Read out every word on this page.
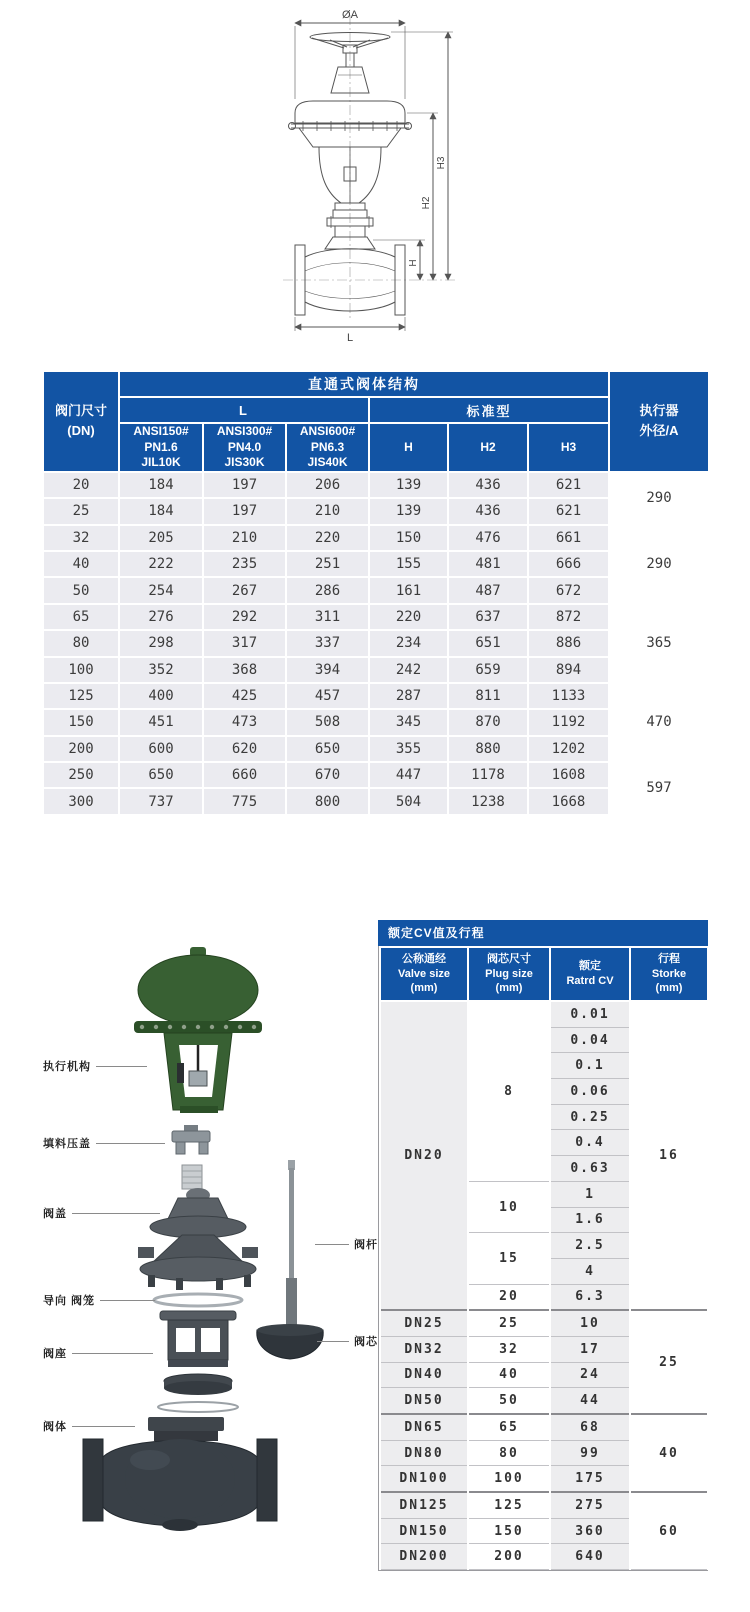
ØA
H3
H2
H
L
阀门尺寸
(DN)
	直通式阀体结构	
执行器
外径/A

	L			标准型			

ANSI150#
PN1.6
JIL10K

ANSI300#
PN4.0
JIS30K

ANSI600#
PN6.3
JIS40K
	H	H2	H3
20	184	197	206	139	436	621	290
25	184	197	210	139	436	621	
32	205	210	220	150	476	661	290
40	222	235	251	155	481	666	
50	254	267	286	161	487	672	
65	276	292	311	220	637	872	365
80	298	317	337	234	651	886	
100	352	368	394	242	659	894	
125	400	425	457	287	811	1133	470
150	451	473	508	345	870	1192	
200	600	620	650	355	880	1202	
250	650	660	670	447	1178	1608	597
300	737	775	800	504	1238	1668	
执行机构
填料压盖
阀盖
阀杆
导向 阀笼
阀座
阀芯
阀体
额定CV值及行程
公称通经
Valve size
(mm)

阀芯尺寸
Plug size
(mm)

额定
Ratrd CV

行程
Storke
(mm)

DN20	8	0.01	16
		0.04	
		0.1	
		0.06	
		0.25	
		0.4	
		0.63	
	10	1	
		1.6	
	15	2.5	
		4	
	20	6.3	
DN25	25	10	25
DN32	32	17	
DN40	40	24	
DN50	50	44	
DN65	65	68	40
DN80	80	99	
DN100	100	175	
DN125	125	275	60
DN150	150	360	
DN200	200	640	
